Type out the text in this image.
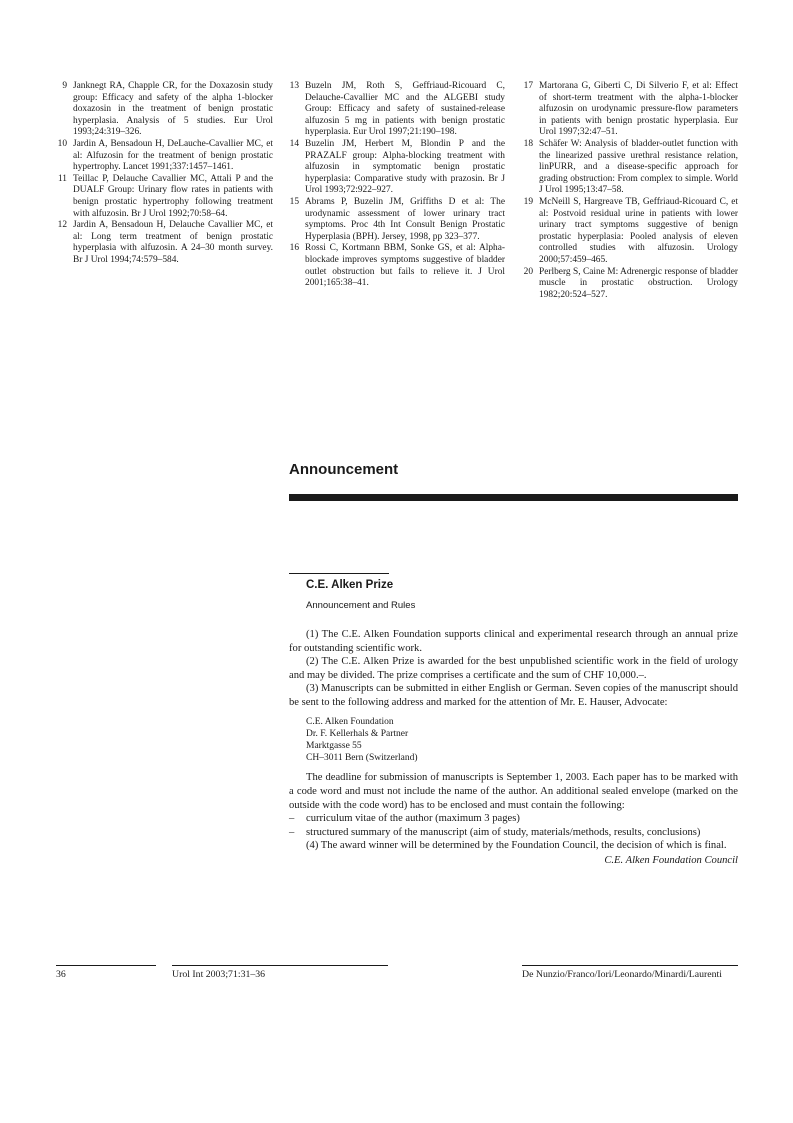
9 Janknegt RA, Chapple CR, for the Doxazosin study group: Efficacy and safety of the alpha 1-blocker doxazosin in the treatment of benign prostatic hyperplasia. Analysis of 5 studies. Eur Urol 1993;24:319–326.
10 Jardin A, Bensadoun H, DeLauche-Cavallier MC, et al: Alfuzosin for the treatment of benign prostatic hypertrophy. Lancet 1991;337:1457–1461.
11 Teillac P, Delauche Cavallier MC, Attali P and the DUALF Group: Urinary flow rates in patients with benign prostatic hypertrophy following treatment with alfuzosin. Br J Urol 1992;70:58–64.
12 Jardin A, Bensadoun H, Delauche Cavallier MC, et al: Long term treatment of benign prostatic hyperplasia with alfuzosin. A 24–30 month survey. Br J Urol 1994;74:579–584.
13 Buzeln JM, Roth S, Geffriaud-Ricouard C, Delauche-Cavallier MC and the ALGEBI study Group: Efficacy and safety of sustained-release alfuzosin 5 mg in patients with benign prostatic hyperplasia. Eur Urol 1997;21:190–198.
14 Buzelin JM, Herbert M, Blondin P and the PRAZALF group: Alpha-blocking treatment with alfuzosin in symptomatic benign prostatic hyperplasia: Comparative study with prazosin. Br J Urol 1993;72:922–927.
15 Abrams P, Buzelin JM, Griffiths D et al: The urodynamic assessment of lower urinary tract symptoms. Proc 4th Int Consult Benign Prostatic Hyperplasia (BPH). Jersey, 1998, pp 323–377.
16 Rossi C, Kortmann BBM, Sonke GS, et al: Alpha-blockade improves symptoms suggestive of bladder outlet obstruction but fails to relieve it. J Urol 2001;165:38–41.
17 Martorana G, Giberti C, Di Silverio F, et al: Effect of short-term treatment with the alpha-1-blocker alfuzosin on urodynamic pressure-flow parameters in patients with benign prostatic hyperplasia. Eur Urol 1997;32:47–51.
18 Schäfer W: Analysis of bladder-outlet function with the linearized passive urethral resistance relation, linPURR, and a disease-specific approach for grading obstruction: From complex to simple. World J Urol 1995;13:47–58.
19 McNeill S, Hargreave TB, Geffriaud-Ricouard C, et al: Postvoid residual urine in patients with lower urinary tract symptoms suggestive of benign prostatic hyperplasia: Pooled analysis of eleven controlled studies with alfuzosin. Urology 2000;57:459–465.
20 Perlberg S, Caine M: Adrenergic response of bladder muscle in prostatic obstruction. Urology 1982;20:524–527.
Announcement
C.E. Alken Prize
Announcement and Rules

(1) The C.E. Alken Foundation supports clinical and experimental research through an annual prize for outstanding scientific work.

(2) The C.E. Alken Prize is awarded for the best unpublished scientific work in the field of urology and may be divided. The prize comprises a certificate and the sum of CHF 10,000.–.

(3) Manuscripts can be submitted in either English or German. Seven copies of the manuscript should be sent to the following address and marked for the attention of Mr. E. Hauser, Advocate:

C.E. Alken Foundation
Dr. F. Kellerhals & Partner
Marktgasse 55
CH–3011 Bern (Switzerland)

The deadline for submission of manuscripts is September 1, 2003. Each paper has to be marked with a code word and must not include the name of the author. An additional sealed envelope (marked on the outside with the code word) has to be enclosed and must contain the following:

–	curriculum vitae of the author (maximum 3 pages)
–	structured summary of the manuscript (aim of study, materials/methods, results, conclusions)

(4) The award winner will be determined by the Foundation Council, the decision of which is final.

C.E. Alken Foundation Council
36	Urol Int 2003;71:31–36	De Nunzio/Franco/Iori/Leonardo/Minardi/Laurenti
